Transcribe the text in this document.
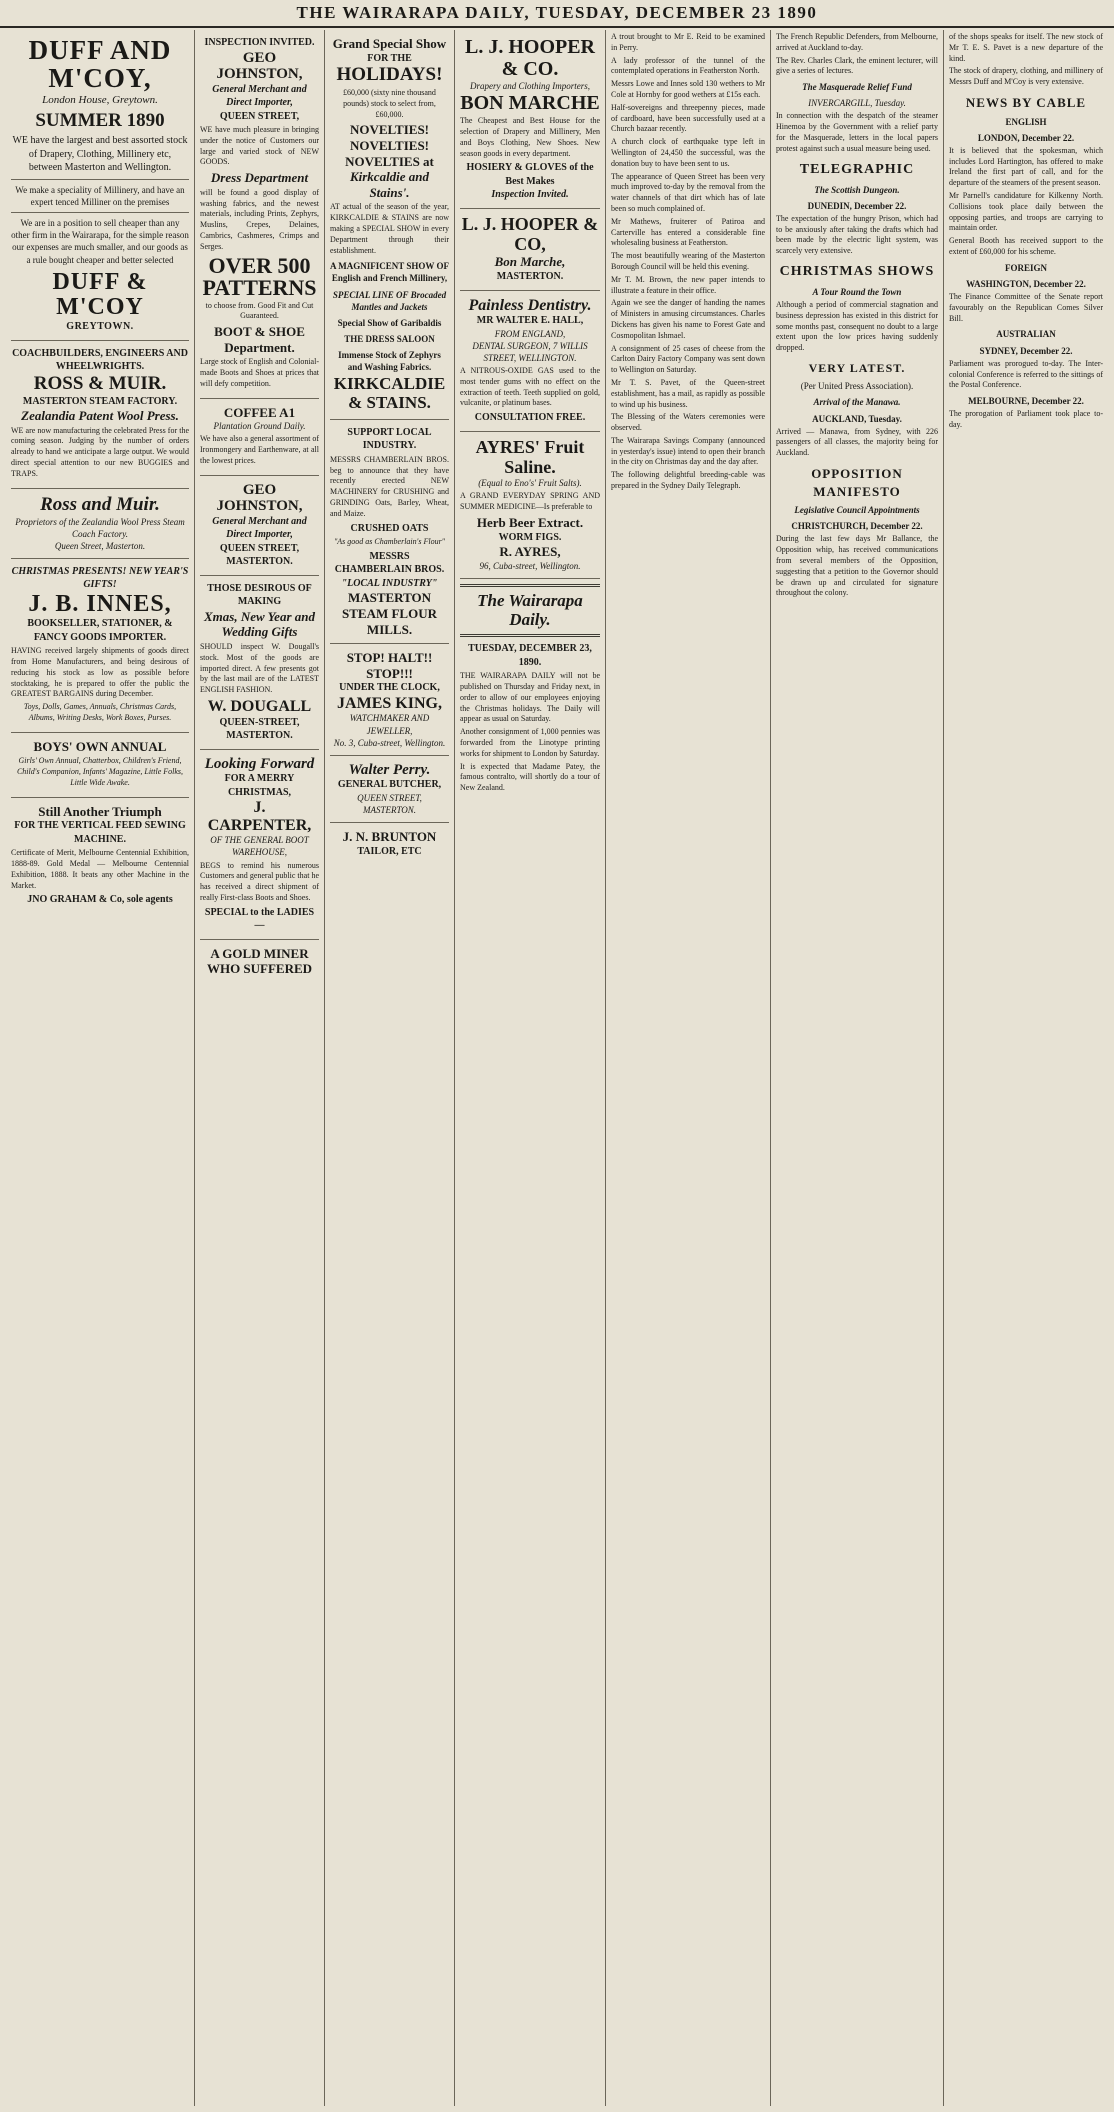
THE WAIRARAPA DAILY, TUESDAY, DECEMBER 23 1890
DUFF AND M'COY,
London House, Greytown.
SUMMER 1890
WE have the largest and best assorted stock of Drapery, Clothing, Millinery etc, between Masterton and Wellington.
We make a speciality of Millinery, and have an expert tenced Milliner on the premises
We are in a position to sell cheaper than any other firm in the Wairarapa, for the simple reason our expenses are much smaller, and our goods as a rule bought cheaper and better selected
DUFF & M'COY
GREYTOWN.
COACHBUILDERS, ENGINEERS AND WHEELWRIGHTS.
ROSS & MUIR.
MASTERTON STEAM FACTORY.
Zealandia Patent Wool Press.
WE are now manufacturing the celebrated Press for the coming season. Judging by the number of orders already to hand we anticipate a large output. We would direct special attention to our new BUGGIES and TRAPS.
Ross and Muir.
Proprietors of the Zealandia Wool Press Steam Coach Factory.
Queen Street, Masterton.
CHRISTMAS PRESENTS! NEW YEAR'S GIFTS!
J. B. INNES,
BOOKSELLER, STATIONER, & FANCY GOODS IMPORTER.
HAVING received largely shipments of goods direct from Home Manufacturers, and being desirous of reducing his stock as low as possible before stocktaking, he is prepared to offer the public the GREATEST BARGAINS during December.
Toys, Dolls, Games, Annuals, Christmas Cards, Albums, Writing Desks, Work Boxes, Purses.
BOYS' OWN ANNUAL
Girls' Own Annual, Chatterbox, Children's Friend, Child's Companion, Infants' Magazine, Little Folks, Little Wide Awake.
Still Another Triumph
FOR THE VERTICAL FEED SEWING MACHINE.
Certificate of Merit, Melbourne Centennial Exhibition, 1888-89. Gold Medal — Melbourne Centennial Exhibition, 1888. It beats any other Machine in the Market.
JNO GRAHAM & Co, sole agents
INSPECTION INVITED.
GEO JOHNSTON,
General Merchant and Direct Importer,
QUEEN STREET,
WE have much pleasure in bringing under the notice of Customers our large and varied stock of NEW GOODS.
Dress Department
will be found a good display of washing fabrics, and the newest materials, including Prints, Zephyrs, Muslins, Crepes, Delaines, Cambrics, Cashmeres, Crimps and Serges.
OVER 500 PATTERNS
to choose from. Good Fit and Cut Guaranteed.
BOOT & SHOE Department.
Large stock of English and Colonial-made Boots and Shoes at prices that will defy competition.
COFFEE A1
Plantation Ground Daily.
We have also a general assortment of Ironmongery and Earthenware, at all the lowest prices.
GEO JOHNSTON,
General Merchant and Direct Importer,
QUEEN STREET, MASTERTON.
THOSE DESIROUS OF MAKING
Xmas, New Year and Wedding Gifts
SHOULD inspect W. Dougall's stock. Most of the goods are imported direct. A few presents got by the last mail are of the LATEST ENGLISH FASHION.
W. DOUGALL
QUEEN-STREET, MASTERTON.
Looking Forward
FOR A MERRY CHRISTMAS,
J. CARPENTER,
OF THE GENERAL BOOT WAREHOUSE,
BEGS to remind his numerous Customers and general public that he has received a direct shipment of really First-class Boots and Shoes.
SPECIAL to the LADIES—
A GOLD MINER WHO SUFFERED
Grand Special Show
FOR THE
HOLIDAYS!
£60,000 (sixty nine thousand pounds) stock to select from, £60,000.
NOVELTIES!
NOVELTIES!
NOVELTIES at
Kirkcaldie and Stains'.
AT actual of the season of the year, KIRKCALDIE & STAINS are now making a SPECIAL SHOW in every Department through their establishment.
A MAGNIFICENT SHOW OF English and French Millinery,
SPECIAL LINE OF Brocaded Mantles and Jackets
Special Show of Garibaldis
THE DRESS SALOON
Immense Stock of Zephyrs and Washing Fabrics.
KIRKCALDIE & STAINS.
SUPPORT LOCAL INDUSTRY.
MESSRS CHAMBERLAIN BROS. beg to announce that they have recently erected NEW MACHINERY for CRUSHING and GRINDING Oats, Barley, Wheat, and Maize.
CRUSHED OATS
"As good as Chamberlain's Flour"
MESSRS CHAMBERLAIN BROS.
"LOCAL INDUSTRY"
MASTERTON STEAM FLOUR MILLS.
STOP! HALT!! STOP!!!
UNDER THE CLOCK,
JAMES KING,
WATCHMAKER AND JEWELLER,
No. 3, Cuba-street, Wellington.
Walter Perry.
GENERAL BUTCHER,
QUEEN STREET, MASTERTON.
J. N. BRUNTON
TAILOR, ETC
L. J. HOOPER & CO.
Drapery and Clothing Importers,
BON MARCHE
The Cheapest and Best House for the selection of Drapery and Millinery, Men and Boys Clothing, New Shoes. New season goods in every department.
HOSIERY & GLOVES of the Best Makes
Inspection Invited.
L. J. HOOPER & CO,
Bon Marche,
MASTERTON.
Painless Dentistry.
MR WALTER E. HALL,
FROM ENGLAND,
DENTAL SURGEON, 7 WILLIS STREET, WELLINGTON.
A NITROUS-OXIDE GAS used to the most tender gums with no effect on the extraction of teeth. Teeth supplied on gold, vulcanite, or platinum bases.
CONSULTATION FREE.
AYRES' Fruit Saline.
(Equal to Eno's' Fruit Salts).
A GRAND EVERYDAY SPRING AND SUMMER MEDICINE—Is preferable to
Herb Beer Extract.
WORM FIGS.
R. AYRES,
96, Cuba-street, Wellington.
The Wairarapa Daily.
TUESDAY, DECEMBER 23, 1890.
THE WAIRARAPA DAILY will not be published on Thursday and Friday next, in order to allow of our employees enjoying the Christmas holidays. The Daily will appear as usual on Saturday.
Another consignment of 1,000 pennies was forwarded from the Linotype printing works for shipment to London by Saturday.
It is expected that Madame Patey, the famous contralto, will shortly do a tour of New Zealand.
A trout brought to Mr E. Reid to be examined in Perry.
A lady professor of the tunnel of the contemplated operations in Featherston North.
Messrs Lowe and Innes sold 130 wethers to Mr Cole at Hornby for good wethers at £15s each.
Half-sovereigns and threepenny pieces, made of cardboard, have been successfully used at a Church bazaar recently.
A church clock of earthquake type left in Wellington of 24,450 the successful, was the donation buy to have been sent to us.
The appearance of Queen Street has been very much improved to-day by the removal from the water channels of that dirt which has of late been so much complained of.
Mr Mathews, fruiterer of Patiroa and Carterville has entered a considerable fine wholesaling business at Featherston.
The most beautifully wearing of the Masterton Borough Council will be held this evening.
Mr T. M. Brown, the new paper intends to illustrate a feature in their office.
Again we see the danger of handing the names of Ministers in amusing circumstances. Charles Dickens has given his name to Forest Gate and Cosmopolitan Ishmael.
A consignment of 25 cases of cheese from the Carlton Dairy Factory Company was sent down to Wellington on Saturday.
Mr T. S. Pavet, of the Queen-street establishment, has a mail, as rapidly as possible to wind up his business.
The Blessing of the Waters ceremonies were observed.
The Wairarapa Savings Company (announced in yesterday's issue) intend to open their branch in the city on Christmas day and the day after.
The following delightful breeding-cable was prepared in the Sydney Daily Telegraph.
The French Republic Defenders, from Melbourne, arrived at Auckland to-day.
The Rev. Charles Clark, the eminent lecturer, will give a series of lectures.
The Masquerade Relief Fund
INVERCARGILL, Tuesday.
In connection with the despatch of the steamer Hinemoa by the Government with a relief party for the Masquerade, letters in the local papers protest against such a usual measure being used.
TELEGRAPHIC
The Scottish Dungeon.
DUNEDIN, December 22.
The expectation of the hungry Prison, which had to be anxiously after taking the drafts which had been made by the electric light system, was scarcely very extensive.
CHRISTMAS SHOWS
A Tour Round the Town
Although a period of commercial stagnation and business depression has existed in this district for some months past, consequent no doubt to a large extent upon the low prices having suddenly dropped.
VERY LATEST.
(Per United Press Association).
Arrival of the Manawa.
AUCKLAND, Tuesday.
Arrived — Manawa, from Sydney, with 226 passengers of all classes, the majority being for Auckland.
OPPOSITION MANIFESTO
Legislative Council Appointments
CHRISTCHURCH, December 22.
During the last few days Mr Ballance, the Opposition whip, has received communications from several members of the Opposition, suggesting that a petition to the Governor should be drawn up and circulated for signature throughout the colony.
of the shops speaks for itself. The new stock of Mr T. E. S. Pavet is a new departure of the kind.
The stock of drapery, clothing, and millinery of Messrs Duff and M'Coy is very extensive.
NEWS BY CABLE
ENGLISH
LONDON, December 22.
It is believed that the spokesman, which includes Lord Hartington, has offered to make Ireland the first part of call, and for the departure of the steamers of the present season.
Mr Parnell's candidature for Kilkenny North. Collisions took place daily between the opposing parties, and troops are carrying to maintain order.
General Booth has received support to the extent of £60,000 for his scheme.
FOREIGN
WASHINGTON, December 22.
The Finance Committee of the Senate report favourably on the Republican Comes Silver Bill.
AUSTRALIAN
SYDNEY, December 22.
Parliament was prorogued to-day. The Inter-colonial Conference is referred to the sittings of the Postal Conference.
MELBOURNE, December 22.
The prorogation of Parliament took place to-day.
